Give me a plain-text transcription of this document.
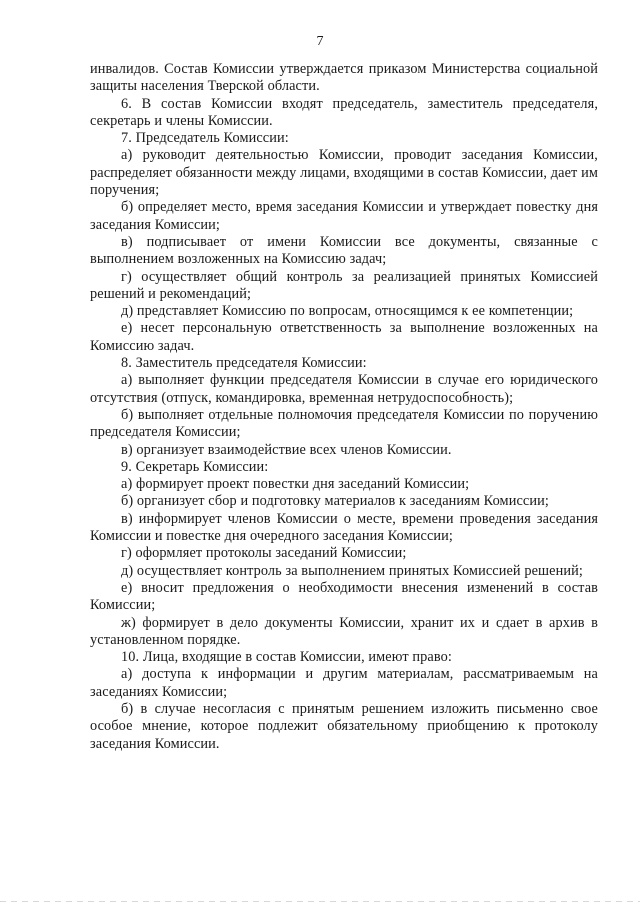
7

инвалидов. Состав Комиссии утверждается приказом Министерства социальной защиты населения Тверской области.

6. В состав Комиссии входят председатель, заместитель председателя, секретарь и члены Комиссии.

7. Председатель Комиссии:

а) руководит деятельностью Комиссии, проводит заседания Комиссии, распределяет обязанности между лицами, входящими в состав Комиссии, дает им поручения;

б) определяет место, время заседания Комиссии и утверждает повестку дня заседания Комиссии;

в) подписывает от имени Комиссии все документы, связанные с выполнением возложенных на Комиссию задач;

г) осуществляет общий контроль за реализацией принятых Комиссией решений и рекомендаций;

д) представляет Комиссию по вопросам, относящимся к ее компетенции;

е) несет персональную ответственность за выполнение возложенных на Комиссию задач.

8. Заместитель председателя Комиссии:

а) выполняет функции председателя Комиссии в случае его юридического отсутствия (отпуск, командировка, временная нетрудоспособность);

б) выполняет отдельные полномочия председателя Комиссии по поручению председателя Комиссии;

в) организует взаимодействие всех членов Комиссии.

9. Секретарь Комиссии:

а) формирует проект повестки дня заседаний Комиссии;

б) организует сбор и подготовку материалов к заседаниям Комиссии;

в) информирует членов Комиссии о месте, времени проведения заседания Комиссии и повестке дня очередного заседания Комиссии;

г) оформляет протоколы заседаний Комиссии;

д) осуществляет контроль за выполнением принятых Комиссией решений;

е) вносит предложения о необходимости внесения изменений в состав Комиссии;

ж) формирует в дело документы Комиссии, хранит их и сдает в архив в установленном порядке.

10. Лица, входящие в состав Комиссии, имеют право:

а) доступа к информации и другим материалам, рассматриваемым на заседаниях Комиссии;

б) в случае несогласия с принятым решением изложить письменно свое особое мнение, которое подлежит обязательному приобщению к протоколу заседания Комиссии.
